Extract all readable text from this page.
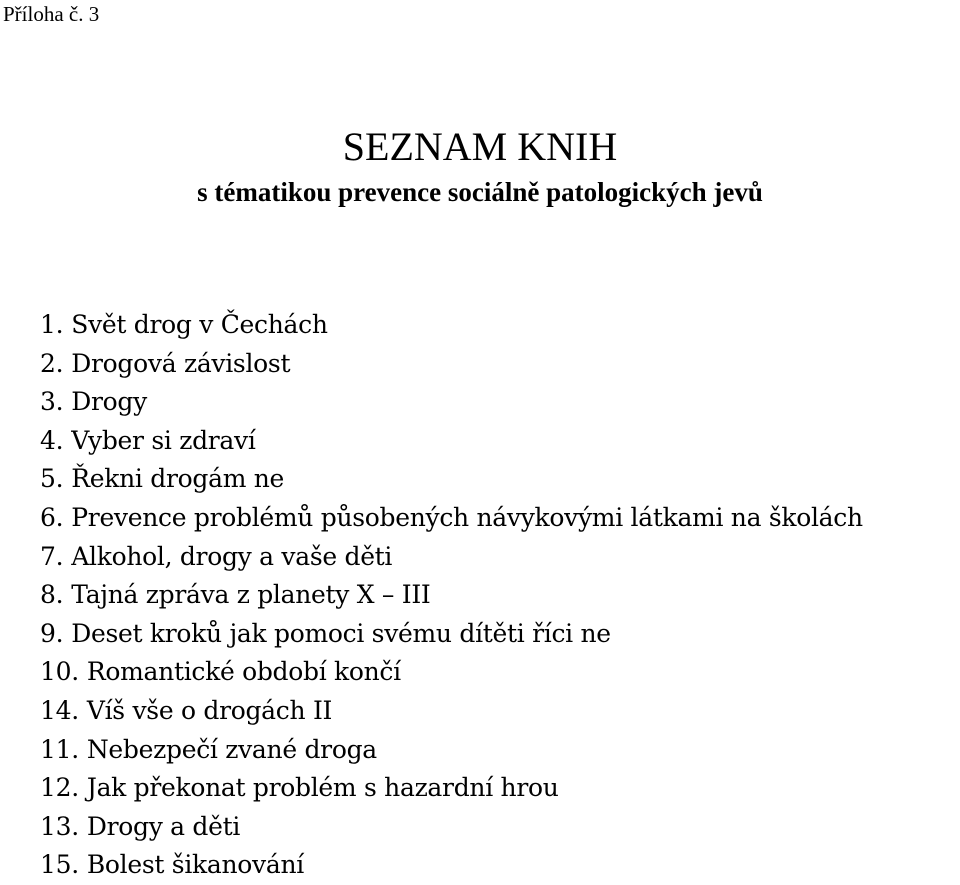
Příloha č. 3
SEZNAM KNIH
s tématikou prevence sociálně patologických jevů
1. Svět drog v Čechách
2. Drogová závislost
3. Drogy
4. Vyber si zdraví
5. Řekni drogám ne
6. Prevence problémů působených návykovými látkami na školách
7. Alkohol, drogy a vaše děti
8. Tajná zpráva z planety X – III
9. Deset kroků jak pomoci svému dítěti říci ne
10. Romantické období končí
14. Víš vše o drogách II
11. Nebezpečí zvané droga
12. Jak překonat problém s hazardní hrou
13. Drogy a děti
15. Bolest šikanování
